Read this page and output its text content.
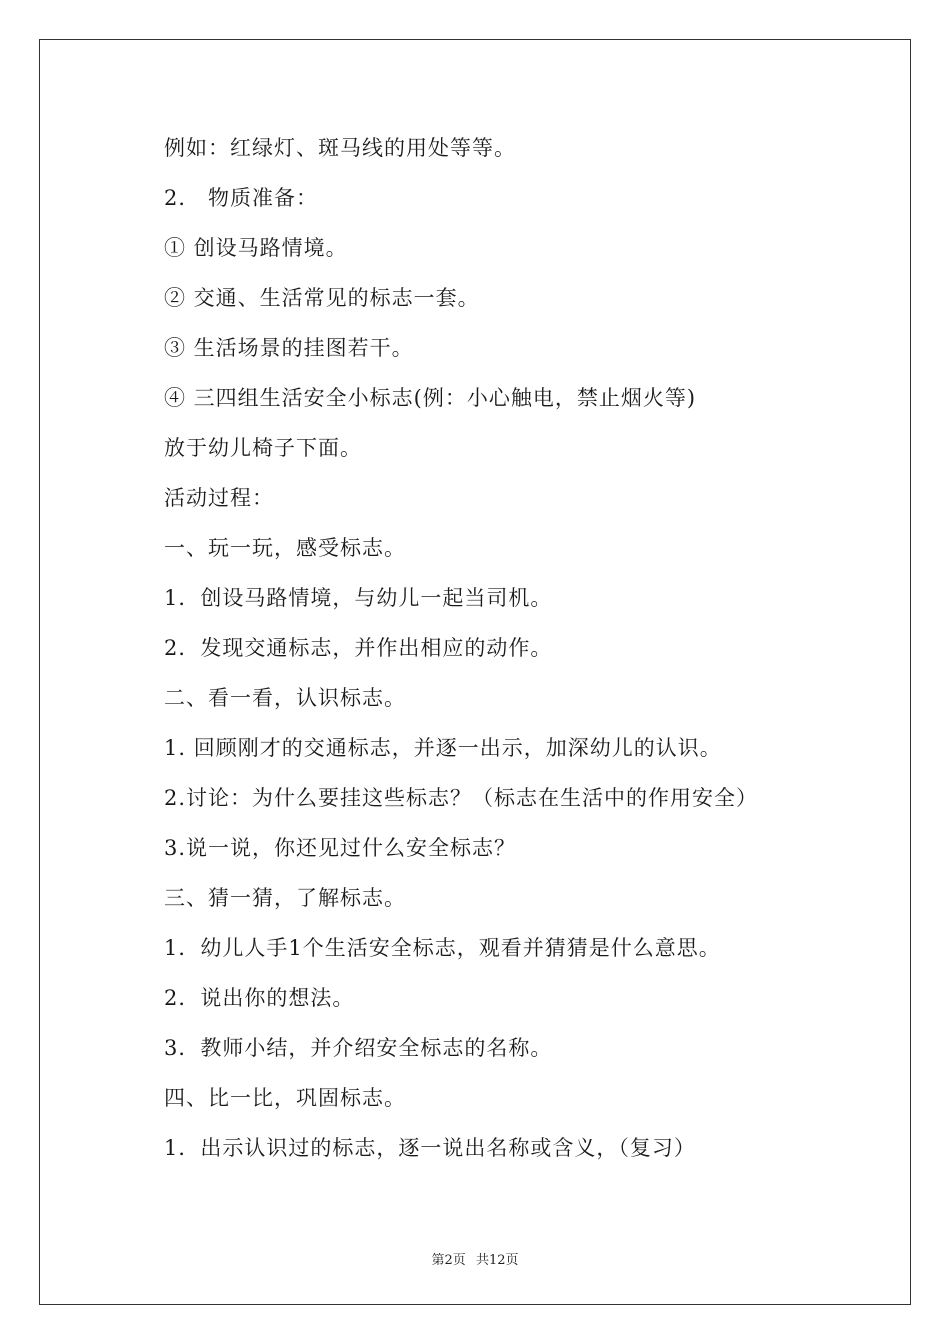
例如：红绿灯、斑马线的用处等等。
2． 物质准备：
① 创设马路情境。
② 交通、生活常见的标志一套。
③ 生活场景的挂图若干。
④ 三四组生活安全小标志(例：小心触电，禁止烟火等)
放于幼儿椅子下面。
活动过程：
一、玩一玩，感受标志。
1．创设马路情境，与幼儿一起当司机。
2．发现交通标志，并作出相应的动作。
二、看一看，认识标志。
1. 回顾刚才的交通标志，并逐一出示，加深幼儿的认识。
2.讨论：为什么要挂这些标志？（标志在生活中的作用安全）
3.说一说，你还见过什么安全标志？
三、猜一猜，了解标志。
1．幼儿人手1个生活安全标志，观看并猜猜是什么意思。
2．说出你的想法。
3．教师小结，并介绍安全标志的名称。
四、比一比，巩固标志。
1．出示认识过的标志，逐一说出名称或含义，（复习）
第2页 共12页
